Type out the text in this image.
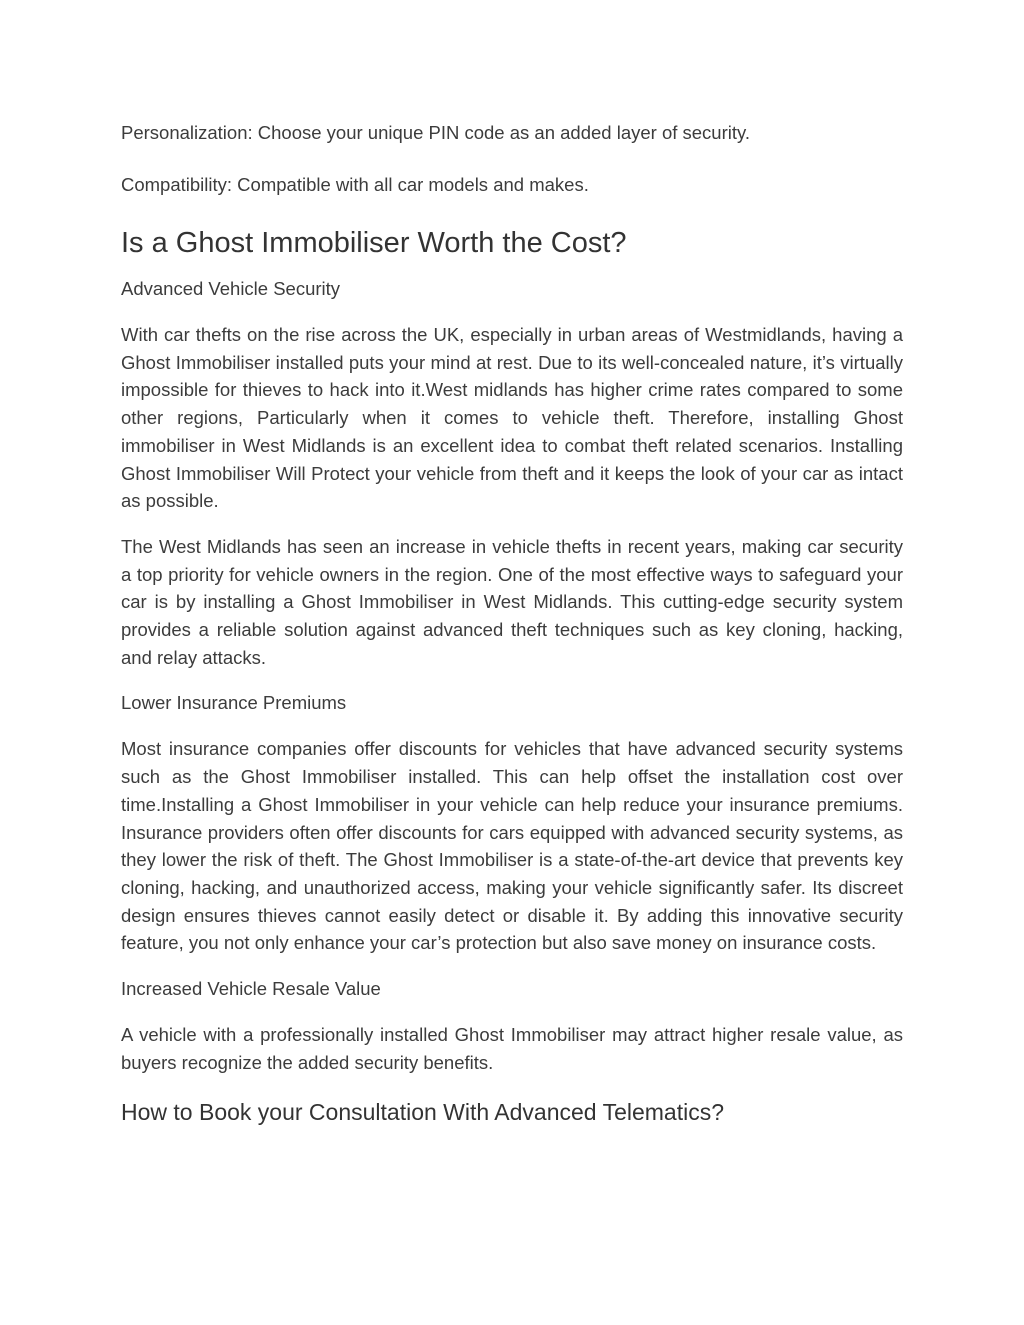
Personalization: Choose your unique PIN code as an added layer of security.

Compatibility: Compatible with all car models and makes.

Is a Ghost Immobiliser Worth the Cost?

Advanced Vehicle Security

With car thefts on the rise across the UK, especially in urban areas of Westmidlands, having a Ghost Immobiliser installed puts your mind at rest. Due to its well-concealed nature, it’s virtually impossible for thieves to hack into it.West midlands has higher crime rates compared to some other regions, Particularly when it comes to vehicle theft. Therefore, installing Ghost immobiliser in West Midlands is an excellent idea to combat theft related scenarios. Installing Ghost Immobiliser Will Protect your vehicle from theft and it keeps the look of your car as intact as possible.

The West Midlands has seen an increase in vehicle thefts in recent years, making car security a top priority for vehicle owners in the region. One of the most effective ways to safeguard your car is by installing a Ghost Immobiliser in West Midlands. This cutting-edge security system provides a reliable solution against advanced theft techniques such as key cloning, hacking, and relay attacks.

Lower Insurance Premiums

Most insurance companies offer discounts for vehicles that have advanced security systems such as the Ghost Immobiliser installed. This can help offset the installation cost over time.Installing a Ghost Immobiliser in your vehicle can help reduce your insurance premiums. Insurance providers often offer discounts for cars equipped with advanced security systems, as they lower the risk of theft. The Ghost Immobiliser is a state-of-the-art device that prevents key cloning, hacking, and unauthorized access, making your vehicle significantly safer. Its discreet design ensures thieves cannot easily detect or disable it. By adding this innovative security feature, you not only enhance your car’s protection but also save money on insurance costs.

Increased Vehicle Resale Value

A vehicle with a professionally installed Ghost Immobiliser may attract higher resale value, as buyers recognize the added security benefits.

How to Book your Consultation With Advanced Telematics?
